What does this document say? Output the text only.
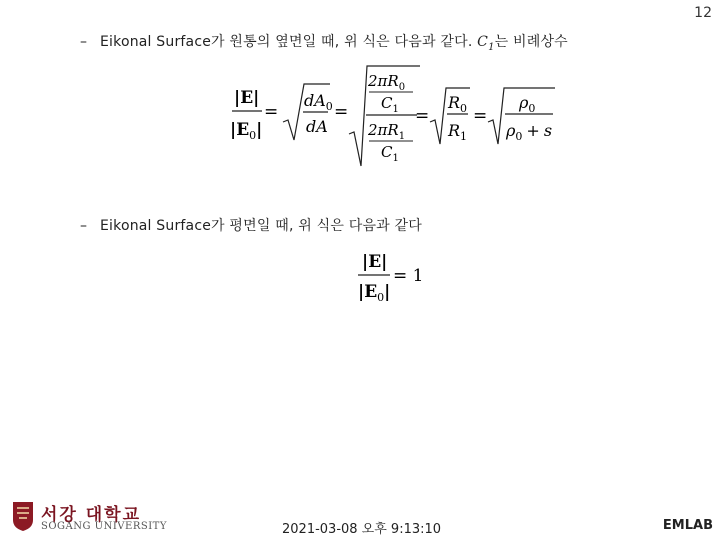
12
– Eikonal Surface가 원통의 옆면일 때, 위 식은 다음과 같다. $C_1$는 비례상수
|E|
$|E_0|$
=
$dA_0$
dA
=
$2\pi R_0$
$C_1$
$2\pi R_1$
$C_1$
=
$R_0$
$R_1$
=
$\rho_0$
$\rho_0 + s$
– Eikonal Surface가 평면일 때, 위 식은 다음과 같다
|E|
$|E_0|$
= 1
서강 대학교
SOGANG UNIVERSITY	2021-03-08 오후 9:13:10	EMLAB
